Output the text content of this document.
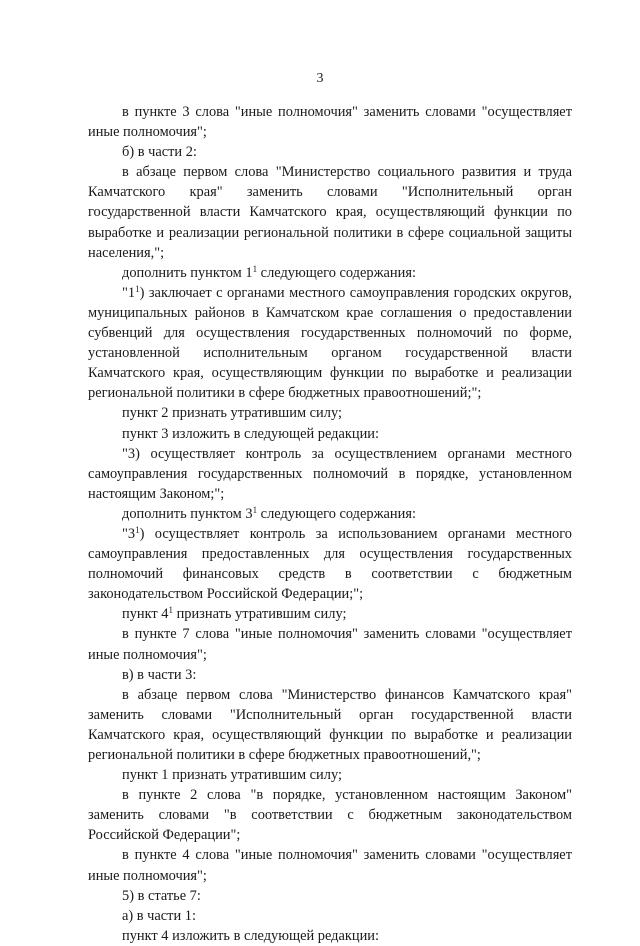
3

в пункте 3 слова "иные полномочия" заменить словами "осуществляет иные полномочия";

б) в части 2:

в абзаце первом слова "Министерство социального развития и труда Камчатского края" заменить словами "Исполнительный орган государственной власти Камчатского края, осуществляющий функции по выработке и реализации региональной политики в сфере социальной защиты населения,";

дополнить пунктом $1^1$ следующего содержания:

"$1^1$) заключает с органами местного самоуправления городских округов, муниципальных районов в Камчатском крае соглашения о предоставлении субвенций для осуществления государственных полномочий по форме, установленной исполнительным органом государственной власти Камчатского края, осуществляющим функции по выработке и реализации региональной политики в сфере бюджетных правоотношений;";

пункт 2 признать утратившим силу;

пункт 3 изложить в следующей редакции:

"3) осуществляет контроль за осуществлением органами местного самоуправления государственных полномочий в порядке, установленном настоящим Законом;";

дополнить пунктом $3^1$ следующего содержания:

"$3^1$) осуществляет контроль за использованием органами местного самоуправления предоставленных для осуществления государственных полномочий финансовых средств в соответствии с бюджетным законодательством Российской Федерации;";

пункт $4^1$ признать утратившим силу;

в пункте 7 слова "иные полномочия" заменить словами "осуществляет иные полномочия";

в) в части 3:

в абзаце первом слова "Министерство финансов Камчатского края" заменить словами "Исполнительный орган государственной власти Камчатского края, осуществляющий функции по выработке и реализации региональной политики в сфере бюджетных правоотношений,";

пункт 1 признать утратившим силу;

в пункте 2 слова "в порядке, установленном настоящим Законом" заменить словами "в соответствии с бюджетным законодательством Российской Федерации";

в пункте 4 слова "иные полномочия" заменить словами "осуществляет иные полномочия";

5) в статье 7:

а) в части 1:

пункт 4 изложить в следующей редакции:
